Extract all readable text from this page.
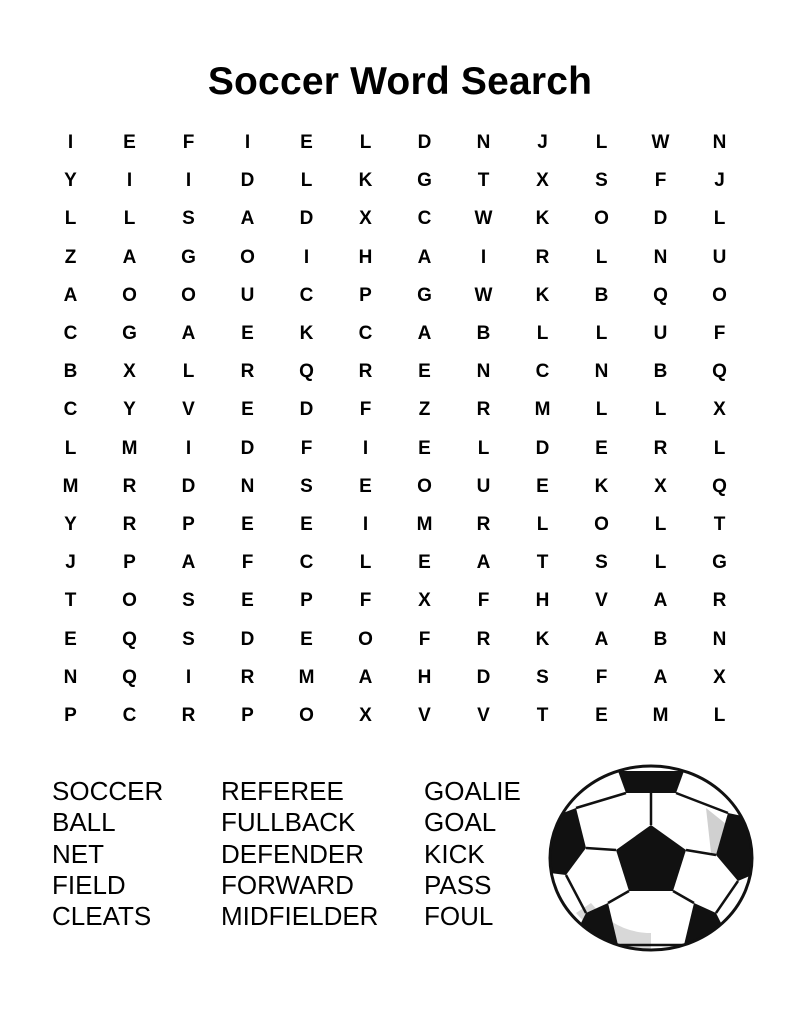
Soccer Word Search
I	E	F	I	E	L	D	N	J	L	W	N
Y	I	I	D	L	K	G	T	X	S	F	J
L	L	S	A	D	X	C	W	K	O	D	L
Z	A	G	O	I	H	A	I	R	L	N	U
A	O	O	U	C	P	G	W	K	B	Q	O
C	G	A	E	K	C	A	B	L	L	U	F
B	X	L	R	Q	R	E	N	C	N	B	Q
C	Y	V	E	D	F	Z	R	M	L	L	X
L	M	I	D	F	I	E	L	D	E	R	L
M	R	D	N	S	E	O	U	E	K	X	Q
Y	R	P	E	E	I	M	R	L	O	L	T
J	P	A	F	C	L	E	A	T	S	L	G
T	O	S	E	P	F	X	F	H	V	A	R
E	Q	S	D	E	O	F	R	K	A	B	N
N	Q	I	R	M	A	H	D	S	F	A	X
P	C	R	P	O	X	V	V	T	E	M	L
SOCCER
BALL
NET
FIELD
CLEATS
REFEREE
FULLBACK
DEFENDER
FORWARD
MIDFIELDER
GOALIE
GOAL
KICK
PASS
FOUL
